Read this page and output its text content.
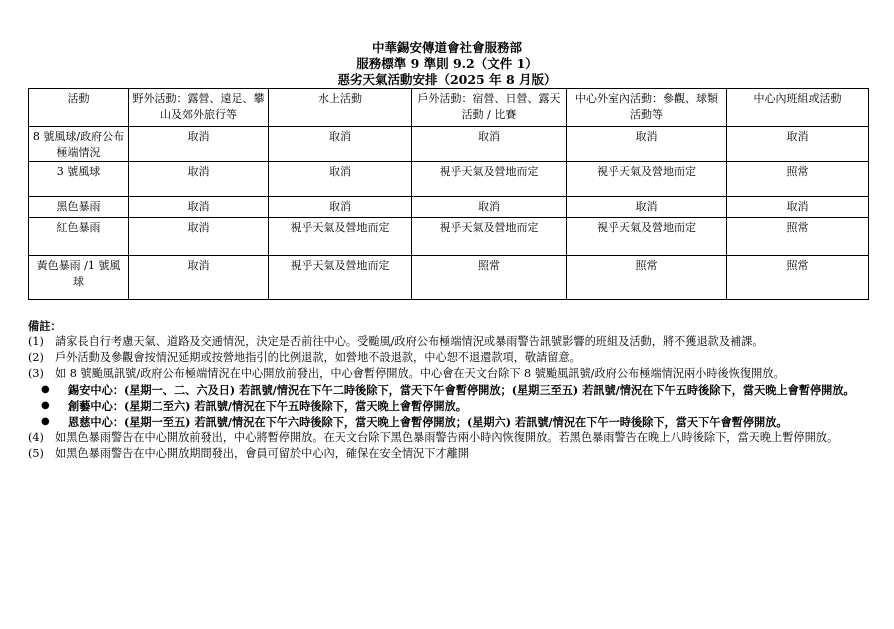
中華錫安傳道會社會服務部
服務標準 9 準則 9.2（文件 1）
惡劣天氣活動安排（2025 年 8 月版）
活動	野外活動：露營、遠足、攀山及郊外旅行等	水上活動	戶外活動：宿營、日營、露天活動 / 比賽	中心外室內活動：參觀、球類活動等	中心內班組或活動
8 號風球/政府公布極端情況	取消	取消	取消	取消	取消
3 號風球	取消	取消	視乎天氣及營地而定	視乎天氣及營地而定	照常
黑色暴雨	取消	取消	取消	取消	取消
紅色暴雨	取消	視乎天氣及營地而定	視乎天氣及營地而定	視乎天氣及營地而定	照常
黃色暴雨 /1 號風球	取消	視乎天氣及營地而定	照常	照常	照常
備註：
(1) 請家長自行考慮天氣、道路及交通情況，決定是否前往中心。受颱風/政府公布極端情況或暴雨警告訊號影響的班組及活動，將不獲退款及補課。
(2) 戶外活動及參觀會按情況延期或按營地指引的比例退款，如營地不設退款，中心恕不退還款項，敬請留意。
(3) 如 8 號颱風訊號/政府公布極端情況在中心開放前發出，中心會暫停開放。中心會在天文台除下 8 號颱風訊號/政府公布極端情況兩小時後恢復開放。
●	錫安中心：(星期一、二、六及日) 若訊號/情況在下午二時後除下，當天下午會暫停開放；(星期三至五) 若訊號/情況在下午五時後除下，當天晚上會暫停開放。
●	創藝中心：(星期二至六) 若訊號/情況在下午五時後除下，當天晚上會暫停開放。
●	恩慈中心：(星期一至五) 若訊號/情況在下午六時後除下，當天晚上會暫停開放；(星期六) 若訊號/情況在下午一時後除下，當天下午會暫停開放。
(4) 如黑色暴雨警告在中心開放前發出，中心將暫停開放。在天文台除下黑色暴雨警告兩小時內恢復開放。若黑色暴雨警告在晚上八時後除下，當天晚上暫停開放。
(5) 如黑色暴雨警告在中心開放期間發出，會員可留於中心內，確保在安全情況下才離開
